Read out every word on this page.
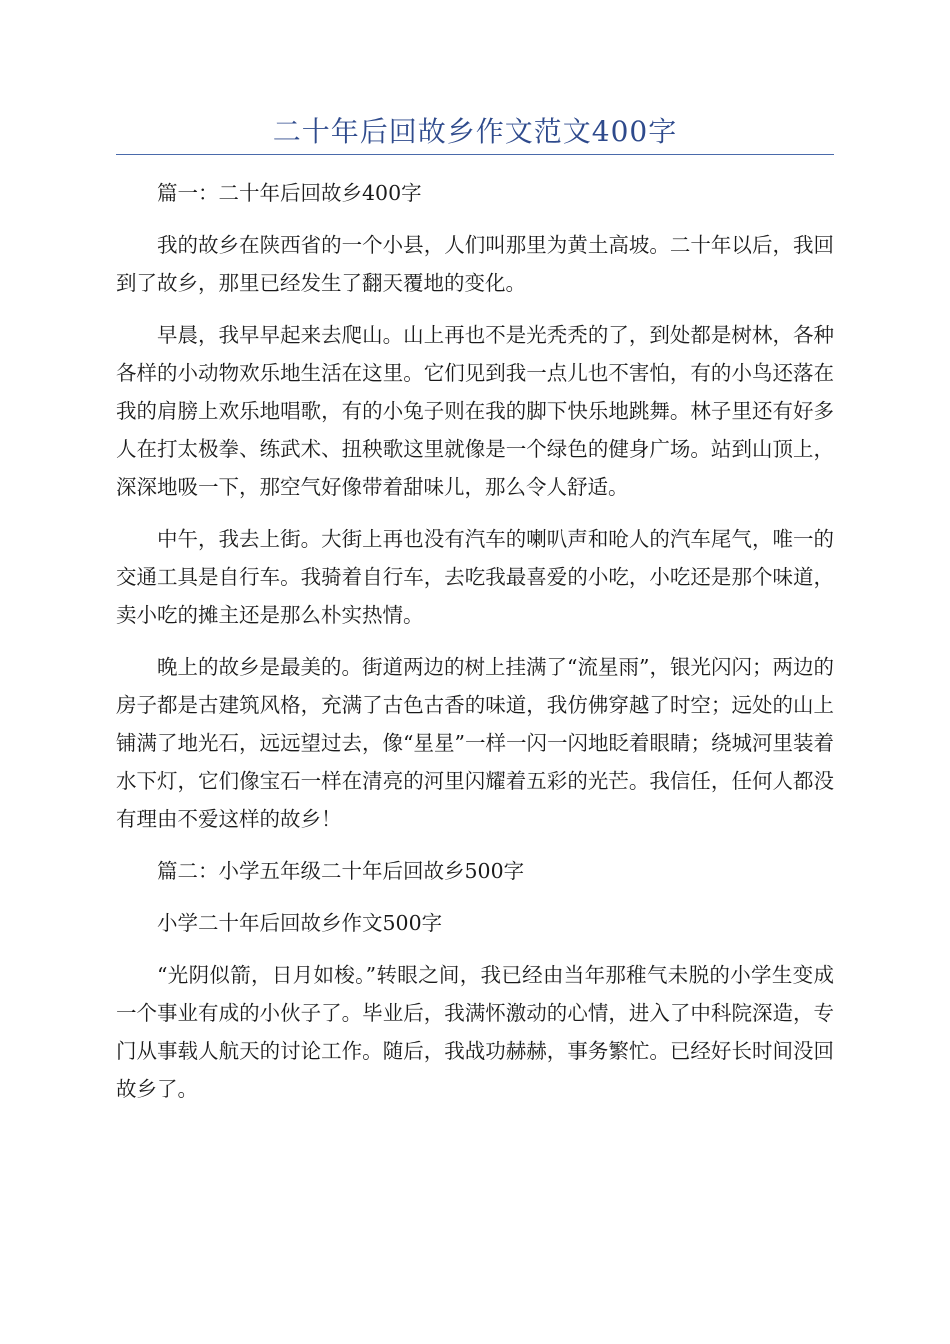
二十年后回故乡作文范文400字

篇一：二十年后回故乡400字

我的故乡在陕西省的一个小县，人们叫那里为黄土高坡。二十年以后，我回到了故乡，那里已经发生了翻天覆地的变化。

早晨，我早早起来去爬山。山上再也不是光秃秃的了，到处都是树林，各种各样的小动物欢乐地生活在这里。它们见到我一点儿也不害怕，有的小鸟还落在我的肩膀上欢乐地唱歌，有的小兔子则在我的脚下快乐地跳舞。林子里还有好多人在打太极拳、练武术、扭秧歌这里就像是一个绿色的健身广场。站到山顶上，深深地吸一下，那空气好像带着甜味儿，那么令人舒适。

中午，我去上街。大街上再也没有汽车的喇叭声和呛人的汽车尾气，唯一的交通工具是自行车。我骑着自行车，去吃我最喜爱的小吃，小吃还是那个味道，卖小吃的摊主还是那么朴实热情。

晚上的故乡是最美的。街道两边的树上挂满了“流星雨”，银光闪闪；两边的房子都是古建筑风格，充满了古色古香的味道，我仿佛穿越了时空；远处的山上铺满了地光石，远远望过去，像“星星”一样一闪一闪地眨着眼睛；绕城河里装着水下灯，它们像宝石一样在清亮的河里闪耀着五彩的光芒。我信任，任何人都没有理由不爱这样的故乡！

篇二：小学五年级二十年后回故乡500字

小学二十年后回故乡作文500字

“光阴似箭，日月如梭。”转眼之间，我已经由当年那稚气未脱的小学生变成一个事业有成的小伙子了。毕业后，我满怀激动的心情，进入了中科院深造，专门从事载人航天的讨论工作。随后，我战功赫赫，事务繁忙。已经好长时间没回故乡了。
